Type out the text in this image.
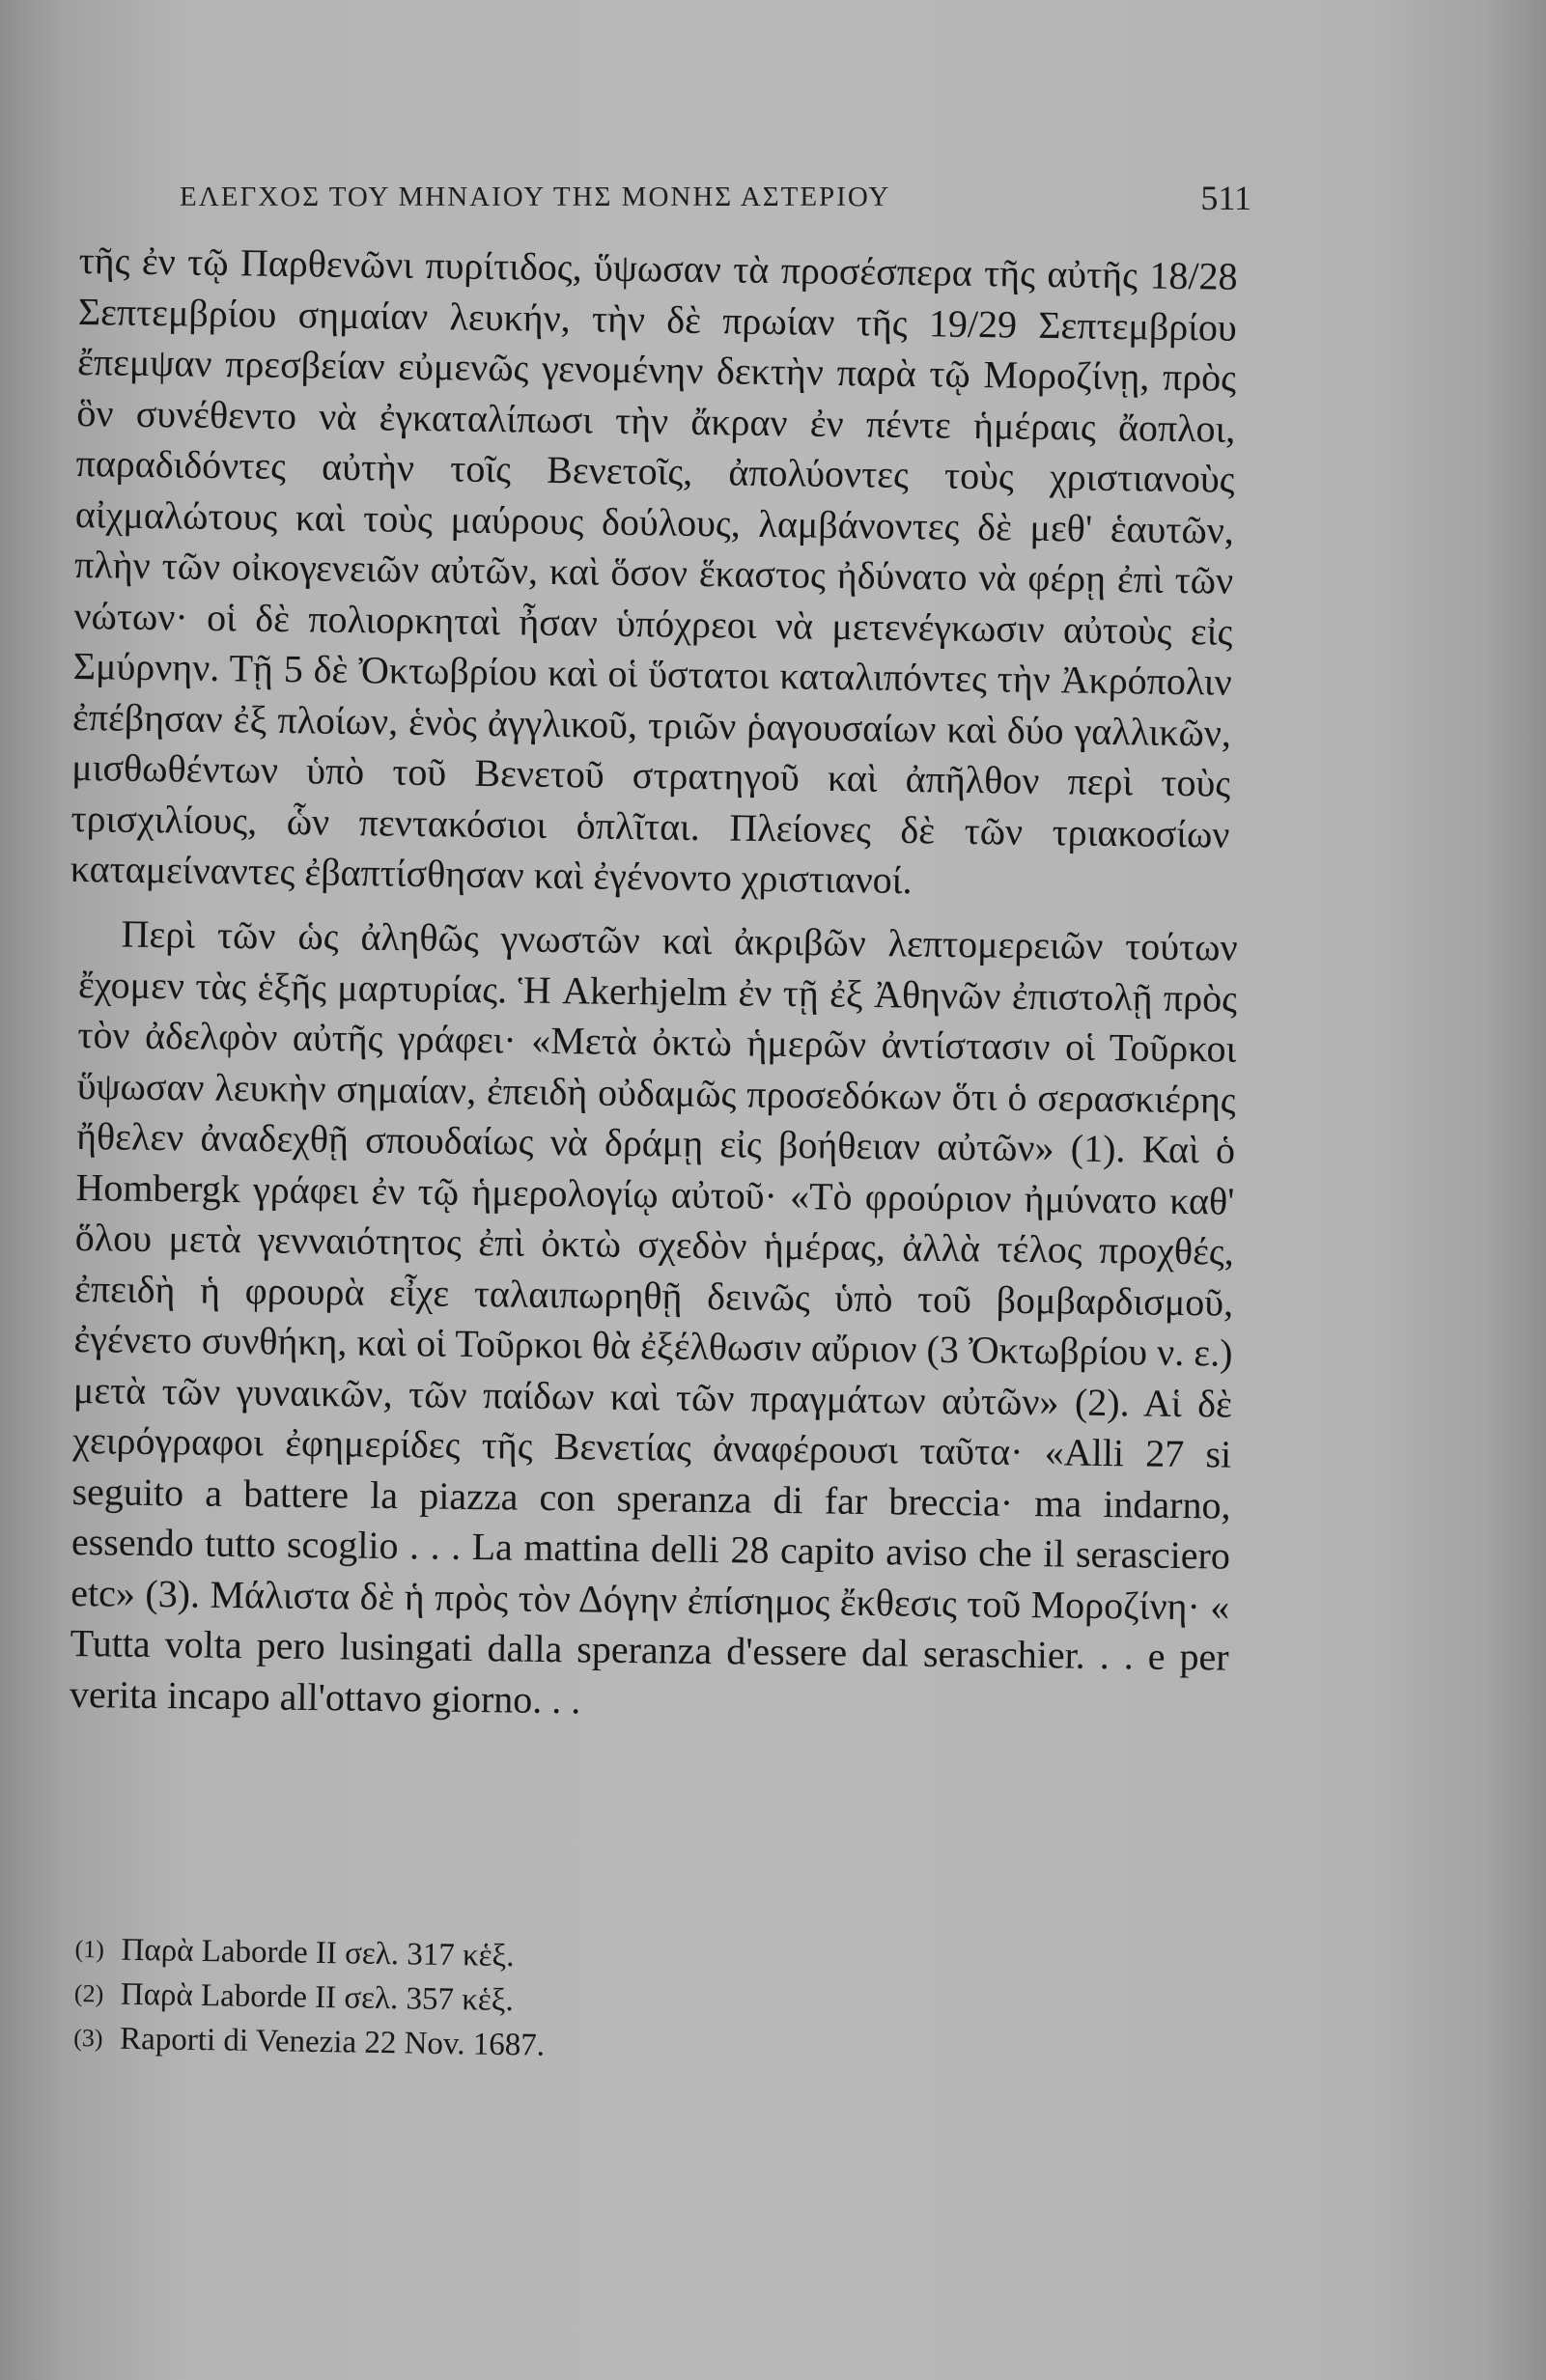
ΕΛΕΓΧΟΣ ΤΟΥ ΜΗΝΑΙΟΥ ΤΗΣ ΜΟΝΗΣ ΑΣΤΕΡΙΟΥ	511

τῆς ἐν τῷ Παρθενῶνι πυρίτιδος, ὕψωσαν τὰ προσέσπερα τῆς αὐτῆς 18/28 Σεπτεμβρίου σημαίαν λευκήν, τὴν δὲ πρωίαν τῆς 19/29 Σεπτεμβρίου ἔπεμψαν πρεσβείαν εὐμενῶς γενομένην δεκτὴν παρὰ τῷ Μοροζίνῃ, πρὸς ὃν συνέθεντο νὰ ἐγκαταλίπωσι τὴν ἄκραν ἐν πέντε ἡμέραις ἄοπλοι, παραδιδόντες αὐτὴν τοῖς Βενετοῖς, ἀπολύοντες τοὺς χριστιανοὺς αἰχμαλώτους καὶ τοὺς μαύρους δούλους, λαμβάνοντες δὲ μεθ' ἑαυτῶν, πλὴν τῶν οἰκογενειῶν αὐτῶν, καὶ ὅσον ἕκαστος ἠδύνατο νὰ φέρῃ ἐπὶ τῶν νώτων· οἱ δὲ πολιορκηταὶ ἦσαν ὑπόχρεοι νὰ μετενέγκωσιν αὐτοὺς εἰς Σμύρνην. Τῇ 5 δὲ Ὀκτωβρίου καὶ οἱ ὕστατοι καταλιπόντες τὴν Ἀκρόπολιν ἐπέβησαν ἐξ πλοίων, ἑνὸς ἀγγλικοῦ, τριῶν ῥαγουσαίων καὶ δύο γαλλικῶν, μισθωθέντων ὑπὸ τοῦ Βενετοῦ στρατηγοῦ καὶ ἀπῆλθον περὶ τοὺς τρισχιλίους, ὧν πεντακόσιοι ὁπλῖται. Πλείονες δὲ τῶν τριακοσίων καταμείναντες ἐβαπτίσθησαν καὶ ἐγένοντο χριστιανοί.

Περὶ τῶν ὡς ἀληθῶς γνωστῶν καὶ ἀκριβῶν λεπτομερειῶν τούτων ἔχομεν τὰς ἑξῆς μαρτυρίας. Ἡ Akerhjelm ἐν τῇ ἐξ Ἀθηνῶν ἐπιστολῇ πρὸς τὸν ἀδελφὸν αὐτῆς γράφει· «Μετὰ ὀκτὼ ἡμερῶν ἀντίστασιν οἱ Τοῦρκοι ὕψωσαν λευκὴν σημαίαν, ἐπειδὴ οὐδαμῶς προσεδόκων ὅτι ὁ σερασκιέρης ἤθελεν ἀναδεχθῇ σπουδαίως νὰ δράμῃ εἰς βοήθειαν αὐτῶν» (1). Καὶ ὁ Hombergk γράφει ἐν τῷ ἡμερολογίῳ αὐτοῦ· «Τὸ φρούριον ἠμύνατο καθ' ὅλου μετὰ γενναιότητος ἐπὶ ὀκτὼ σχεδὸν ἡμέρας, ἀλλὰ τέλος προχθές, ἐπειδὴ ἡ φρουρὰ εἶχε ταλαιπωρηθῇ δεινῶς ὑπὸ τοῦ βομβαρδισμοῦ, ἐγένετο συνθήκη, καὶ οἱ Τοῦρκοι θὰ ἐξέλθωσιν αὔριον (3 Ὀκτωβρίου ν. ε.) μετὰ τῶν γυναικῶν, τῶν παίδων καὶ τῶν πραγμάτων αὐτῶν» (2). Αἱ δὲ χειρόγραφοι ἐφημερίδες τῆς Βενετίας ἀναφέρουσι ταῦτα· «Alli 27 si seguito a battere la piazza con speranza di far breccia· ma indarno, essendo tutto scoglio . . . La mattina delli 28 capito aviso che il serasciero etc» (3). Μάλιστα δὲ ἡ πρὸς τὸν Δόγην ἐπίσημος ἔκθεσις τοῦ Μοροζίνη· « Tutta volta pero lusingati dalla speranza d'essere dal seraschier. . . e per verita incapo all'ottavo giorno. . .

(1) Παρὰ Laborde II σελ. 317 κἑξ.
(2) Παρὰ Laborde II σελ. 357 κἑξ.
(3) Raporti di Venezia 22 Nov. 1687.
